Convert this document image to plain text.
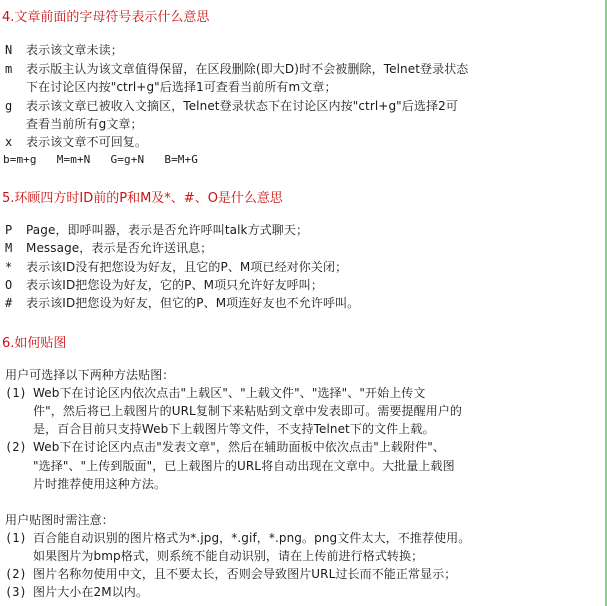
4.文章前面的字母符号表示什么意思
N 表示该文章未读；
m 表示版主认为该文章值得保留，在区段删除(即大D)时不会被删除，Telnet登录状态
下在讨论区内按"ctrl+g"后选择1可查看当前所有m文章；
g 表示该文章已被收入文摘区，Telnet登录状态下在讨论区内按"ctrl+g"后选择2可
查看当前所有g文章；
x 表示该文章不可回复。
b=m+g   M=m+N   G=g+N   B=M+G
5.环顾四方时ID前的P和M及*、#、O是什么意思
P Page，即呼叫器，表示是否允许呼叫talk方式聊天；
M Message，表示是否允许送讯息；
* 表示该ID没有把您设为好友，且它的P、M项已经对你关闭；
O 表示该ID把您设为好友，它的P、M项只允许好友呼叫；
# 表示该ID把您设为好友，但它的P、M项连好友也不允许呼叫。
6.如何贴图
用户可选择以下两种方法贴图：
(1) Web下在讨论区内依次点击"上载区"、"上载文件"、"选择"、"开始上传文
件"，然后将已上载图片的URL复制下来粘贴到文章中发表即可。需要提醒用户的
是，百合目前只支持Web下上载图片等文件，不支持Telnet下的文件上载。
(2) Web下在讨论区内点击"发表文章"，然后在辅助面板中依次点击"上载附件"、
"选择"、"上传到版面"，已上载图片的URL将自动出现在文章中。大批量上载图
片时推荐使用这种方法。
用户贴图时需注意：
(1) 百合能自动识别的图片格式为*.jpg，*.gif，*.png。png文件太大，不推荐使用。
如果图片为bmp格式，则系统不能自动识别，请在上传前进行格式转换；
(2) 图片名称勿使用中文，且不要太长，否则会导致图片URL过长而不能正常显示；
(3) 图片大小在2M以内。
